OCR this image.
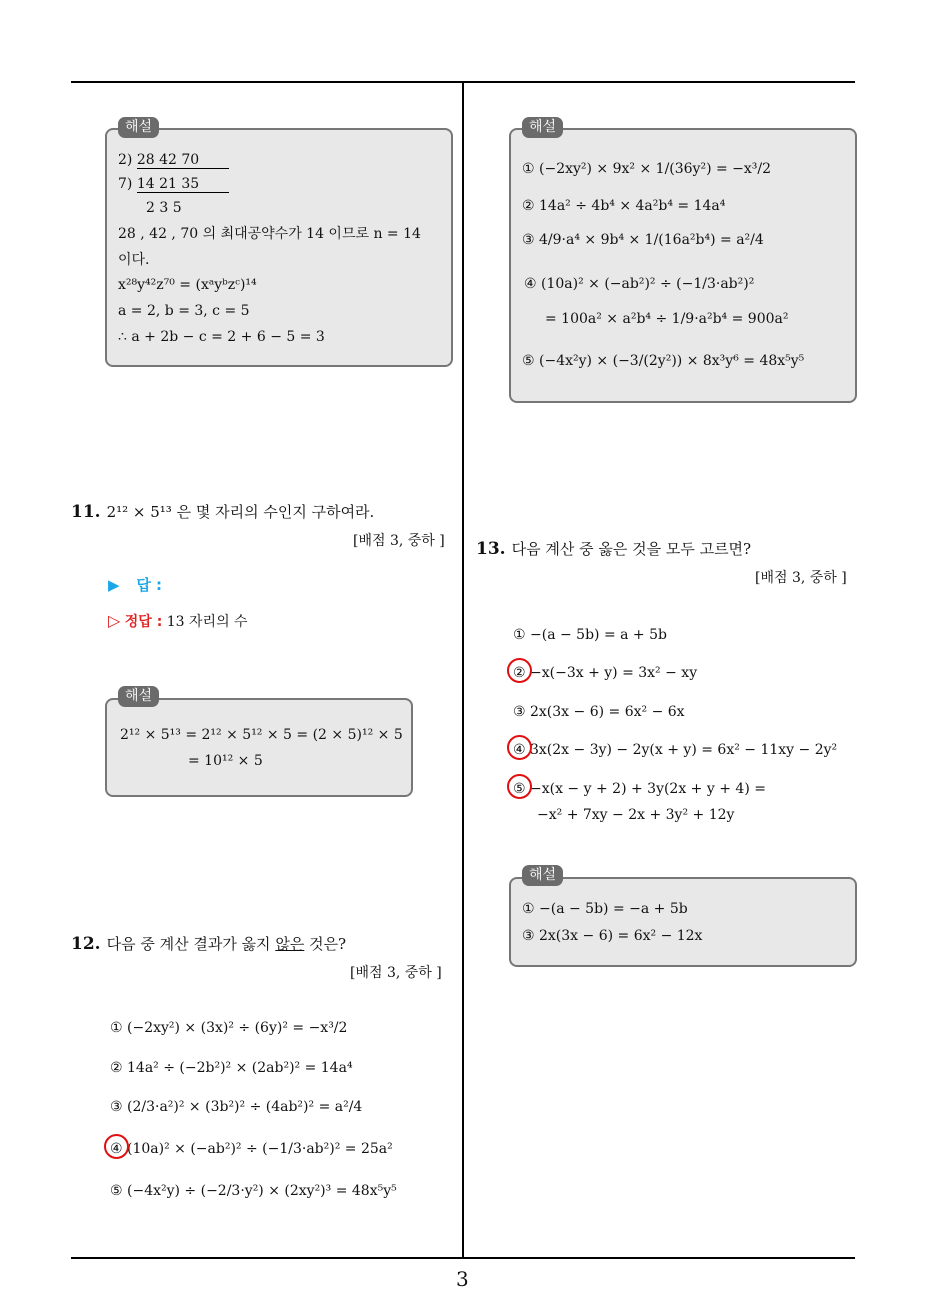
3
해설
2) 28 42 70
7) 14 21 35
2 3 5
28 , 42 , 70 의 최대공약수가 14 이므로 n = 14
이다.
x²⁸y⁴²z⁷⁰ = (xᵃyᵇzᶜ)¹⁴
a = 2, b = 3, c = 5
∴ a + 2b − c = 2 + 6 − 5 = 3
11. 2¹² × 5¹³ 은 몇 자리의 수인지 구하여라.
[배점 3, 중하 ]
▶ 답 :
▷ 정답 : 13 자리의 수
해설
2¹² × 5¹³ = 2¹² × 5¹² × 5 = (2 × 5)¹² × 5
= 10¹² × 5
12. 다음 중 계산 결과가 옳지 않은 것은?
[배점 3, 중하 ]
① (−2xy²) × (3x)² ÷ (6y)² = −x³/2
② 14a² ÷ (−2b²)² × (2ab²)² = 14a⁴
③ (2/3·a²)² × (3b²)² ÷ (4ab²)² = a²/4
④ (10a)² × (−ab²)² ÷ (−1/3·ab²)² = 25a²
⑤ (−4x²y) ÷ (−2/3·y²) × (2xy²)³ = 48x⁵y⁵
해설
① (−2xy²) × 9x² × 1/(36y²) = −x³/2
② 14a² ÷ 4b⁴ × 4a²b⁴ = 14a⁴
③ 4/9·a⁴ × 9b⁴ × 1/(16a²b⁴) = a²/4
④ (10a)² × (−ab²)² ÷ (−1/3·ab²)²
= 100a² × a²b⁴ ÷ 1/9·a²b⁴ = 900a²
⑤ (−4x²y) × (−3/(2y²)) × 8x³y⁶ = 48x⁵y⁵
13. 다음 계산 중 옳은 것을 모두 고르면?
[배점 3, 중하 ]
① −(a − 5b) = a + 5b
② −x(−3x + y) = 3x² − xy
③ 2x(3x − 6) = 6x² − 6x
④ 3x(2x − 3y) − 2y(x + y) = 6x² − 11xy − 2y²
⑤ −x(x − y + 2) + 3y(2x + y + 4) =
−x² + 7xy − 2x + 3y² + 12y
해설
① −(a − 5b) = −a + 5b
③ 2x(3x − 6) = 6x² − 12x
